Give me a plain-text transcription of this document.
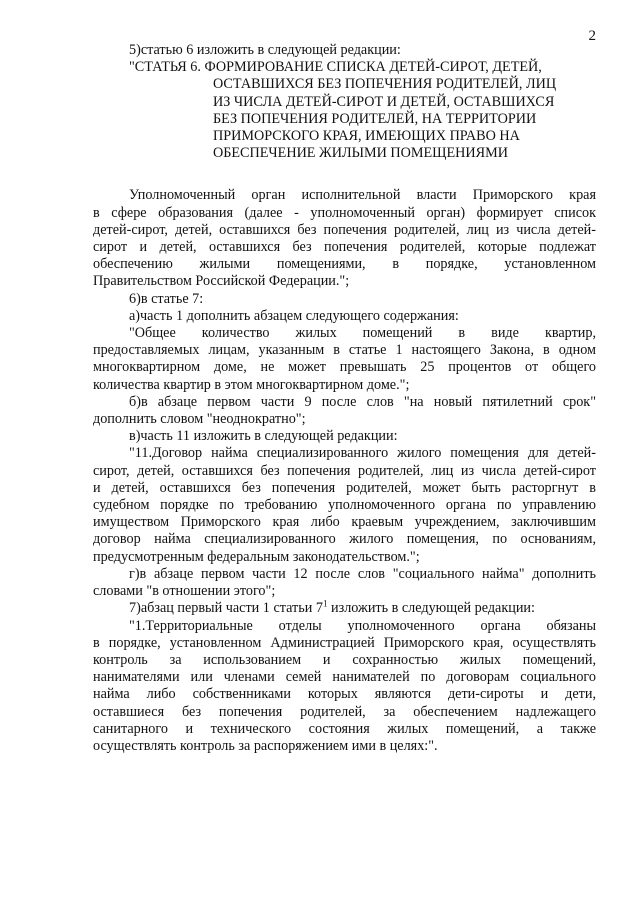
2
5)статью 6 изложить в следующей редакции:
"СТАТЬЯ 6. ФОРМИРОВАНИЕ СПИСКА ДЕТЕЙ-СИРОТ, ДЕТЕЙ,
ОСТАВШИХСЯ БЕЗ ПОПЕЧЕНИЯ РОДИТЕЛЕЙ, ЛИЦ
ИЗ ЧИСЛА ДЕТЕЙ-СИРОТ И ДЕТЕЙ, ОСТАВШИХСЯ
БЕЗ ПОПЕЧЕНИЯ РОДИТЕЛЕЙ, НА ТЕРРИТОРИИ
ПРИМОРСКОГО КРАЯ, ИМЕЮЩИХ ПРАВО НА
ОБЕСПЕЧЕНИЕ ЖИЛЫМИ ПОМЕЩЕНИЯМИ
Уполномоченный орган исполнительной власти Приморского края
в сфере образования (далее - уполномоченный орган) формирует список
детей-сирот, детей, оставшихся без попечения родителей, лиц из числа детей-
сирот и детей, оставшихся без попечения родителей, которые подлежат
обеспечению жилыми помещениями, в порядке, установленном
Правительством Российской Федерации.";
6)в статье 7:
а)часть 1 дополнить абзацем следующего содержания:
"Общее количество жилых помещений в виде квартир,
предоставляемых лицам, указанным в статье 1 настоящего Закона, в одном
многоквартирном доме, не может превышать 25 процентов от общего
количества квартир в этом многоквартирном доме.";
б)в абзаце первом части 9 после слов "на новый пятилетний срок"
дополнить словом "неоднократно";
в)часть 11 изложить в следующей редакции:
"11.Договор найма специализированного жилого помещения для детей-
сирот, детей, оставшихся без попечения родителей, лиц из числа детей-сирот
и детей, оставшихся без попечения родителей, может быть расторгнут в
судебном порядке по требованию уполномоченного органа по управлению
имуществом Приморского края либо краевым учреждением, заключившим
договор найма специализированного жилого помещения, по основаниям,
предусмотренным федеральным законодательством.";
г)в абзаце первом части 12 после слов "социального найма" дополнить
словами "в отношении этого";
7)абзац первый части 1 статьи $7^1$ изложить в следующей редакции:
"1.Территориальные отделы уполномоченного органа обязаны
в порядке, установленном Администрацией Приморского края, осуществлять
контроль за использованием и сохранностью жилых помещений,
нанимателями или членами семей нанимателей по договорам социального
найма либо собственниками которых являются дети-сироты и дети,
оставшиеся без попечения родителей, за обеспечением надлежащего
санитарного и технического состояния жилых помещений, а также
осуществлять контроль за распоряжением ими в целях:".
